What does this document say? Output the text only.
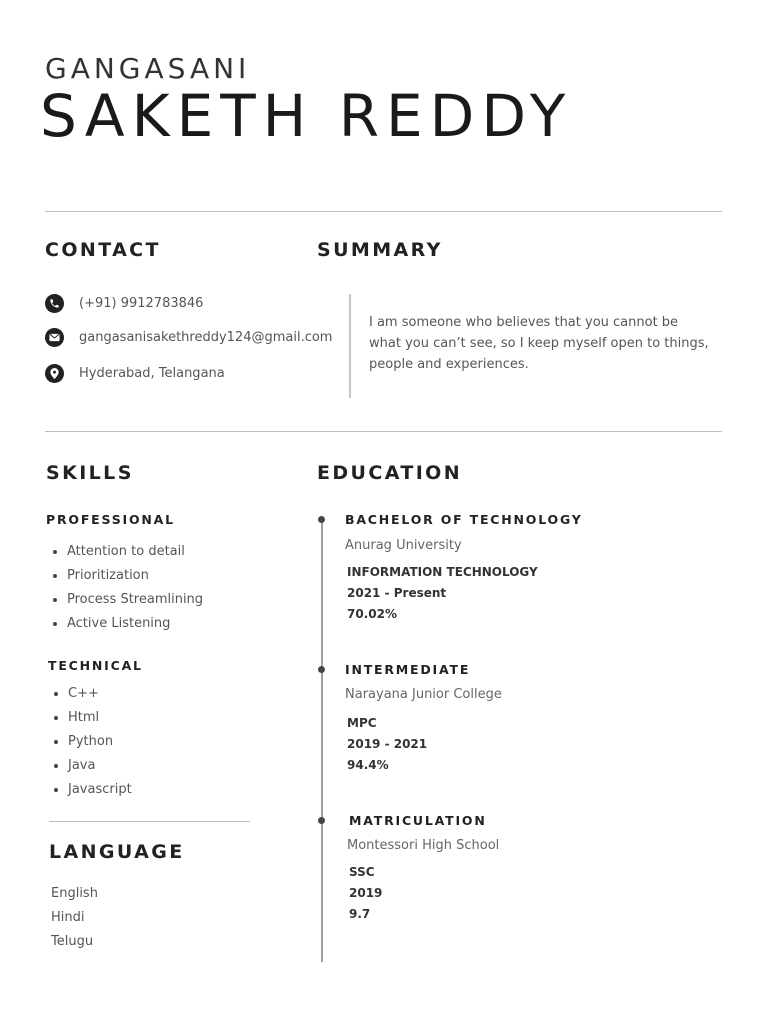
GANGASANI
SAKETH REDDY
CONTACT
(+91) 9912783846
gangasanisakethreddy124@gmail.com
Hyderabad, Telangana
SUMMARY
I am someone who believes that you cannot be what you can’t see, so I keep myself open to things, people and experiences.
SKILLS
PROFESSIONAL
Attention to detail
Prioritization
Process Streamlining
Active Listening
TECHNICAL
C++
Html
Python
Java
Javascript
LANGUAGE
English
Hindi
Telugu
EDUCATION
BACHELOR OF TECHNOLOGY
Anurag University
INFORMATION TECHNOLOGY
2021 - Present
70.02%
INTERMEDIATE
Narayana Junior College
MPC
2019 - 2021
94.4%
MATRICULATION
Montessori High School
SSC
2019
9.7
